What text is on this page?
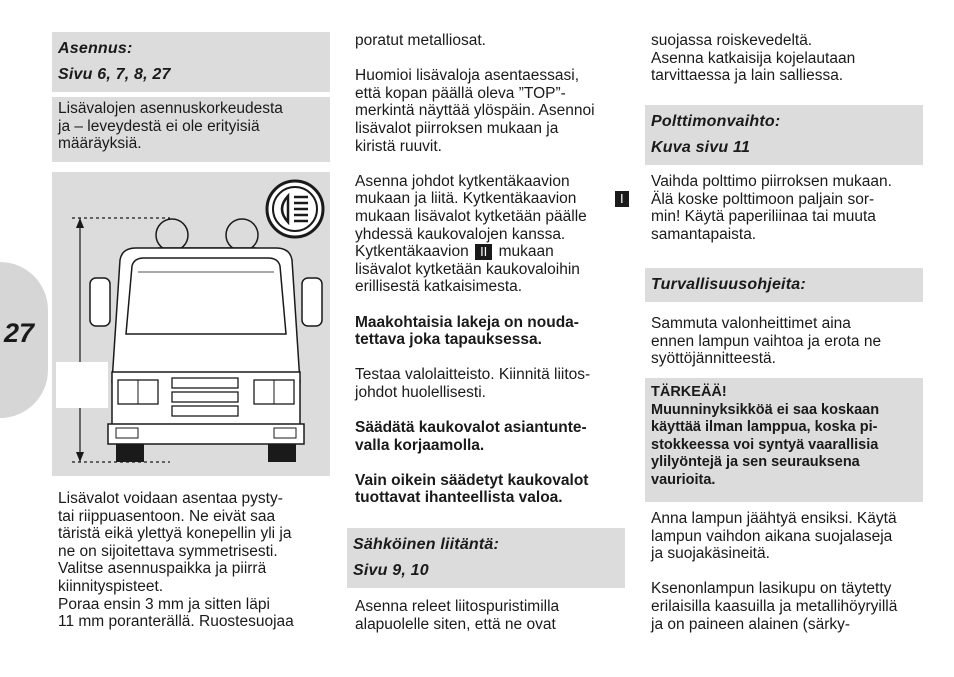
27
Asennus:
Sivu 6, 7, 8, 27
Lisävalojen asennuskorkeudesta
ja – leveydestä ei ole erityisiä
määräyksiä.
Lisävalot voidaan asentaa pysty-
tai riippuasentoon. Ne eivät saa
täristä eikä ylettyä konepellin yli ja
ne on sijoitettava symmetrisesti.
Valitse asennuspaikka ja piirrä
kiinnityspisteet.
Poraa ensin 3 mm ja sitten läpi
11 mm poranterällä. Ruostesuojaa
poratut metalliosat.
Huomioi lisävaloja asentaessasi,
että kopan päällä oleva ”TOP”-
merkintä näyttää ylöspäin. Asennoi
lisävalot piirroksen mukaan ja
kiristä ruuvit.
Asenna johdot kytkentäkaavion
mukaan ja liitä. Kytkentäkaavion	I
mukaan lisävalot kytketään päälle
yhdessä kaukovalojen kanssa.
Kytkentäkaavion II mukaan
lisävalot kytketään kaukovaloihin
erillisestä katkaisimesta.
Maakohtaisia lakeja on nouda-
tettava joka tapauksessa.
Testaa valolaitteisto. Kiinnitä liitos-
johdot huolellisesti.
Säädätä kaukovalot asiantunte-
valla korjaamolla.
Vain oikein säädetyt kaukovalot
tuottavat ihanteellista valoa.
Sähköinen liitäntä:
Sivu 9, 10
Asenna releet liitospuristimilla
alapuolelle siten, että ne ovat
suojassa roiskevedeltä.
Asenna katkaisija kojelautaan
tarvittaessa ja lain salliessa.
Polttimonvaihto:
Kuva sivu 11
Vaihda polttimo piirroksen mukaan.
Älä koske polttimoon paljain sor-
min! Käytä paperiliinaa tai muuta
samantapaista.
Turvallisuusohjeita:
Sammuta valonheittimet aina
ennen lampun vaihtoa ja erota ne
syöttöjännitteestä.
TÄRKEÄÄ!
Muunninyksikköä ei saa koskaan
käyttää ilman lamppua, koska pi-
stokkeessa voi syntyä vaarallisia
ylilyöntejä ja sen seurauksena
vaurioita.
Anna lampun jäähtyä ensiksi. Käytä
lampun vaihdon aikana suojalaseja
ja suojakäsineitä.
Ksenonlampun lasikupu on täytetty
erilaisilla kaasuilla ja metallihöyryillä
ja on paineen alainen (särky-
